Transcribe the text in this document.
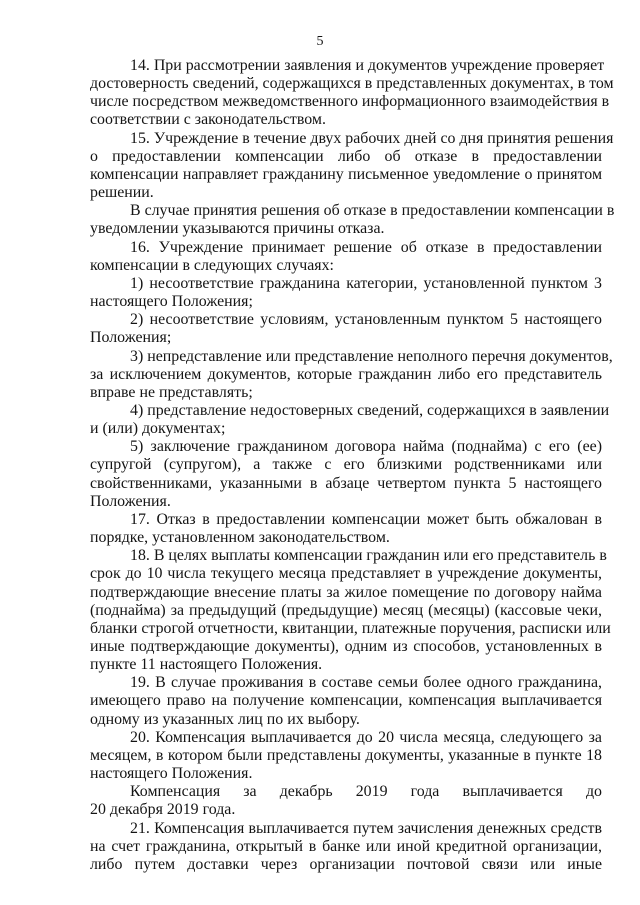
5
14. При рассмотрении заявления и документов учреждение проверяет
достоверность сведений, содержащихся в представленных документах, в том
числе посредством межведомственного информационного взаимодействия в
соответствии с законодательством.
15. Учреждение в течение двух рабочих дней со дня принятия решения
о предоставлении компенсации либо об отказе в предоставлении
компенсации направляет гражданину письменное уведомление о принятом
решении.
В случае принятия решения об отказе в предоставлении компенсации в
уведомлении указываются причины отказа.
16. Учреждение принимает решение об отказе в предоставлении
компенсации в следующих случаях:
1) несоответствие гражданина категории, установленной пунктом 3
настоящего Положения;
2) несоответствие условиям, установленным пунктом 5 настоящего
Положения;
3) непредставление или представление неполного перечня документов,
за исключением документов, которые гражданин либо его представитель
вправе не представлять;
4) представление недостоверных сведений, содержащихся в заявлении
и (или) документах;
5) заключение гражданином договора найма (поднайма) с его (ее)
супругой (супругом), а также с его близкими родственниками или
свойственниками, указанными в абзаце четвертом пункта 5 настоящего
Положения.
17. Отказ в предоставлении компенсации может быть обжалован в
порядке, установленном законодательством.
18. В целях выплаты компенсации гражданин или его представитель в
срок до 10 числа текущего месяца представляет в учреждение документы,
подтверждающие внесение платы за жилое помещение по договору найма
(поднайма) за предыдущий (предыдущие) месяц (месяцы) (кассовые чеки,
бланки строгой отчетности, квитанции, платежные поручения, расписки или
иные подтверждающие документы), одним из способов, установленных в
пункте 11 настоящего Положения.
19. В случае проживания в составе семьи более одного гражданина,
имеющего право на получение компенсации, компенсация выплачивается
одному из указанных лиц по их выбору.
20. Компенсация выплачивается до 20 числа месяца, следующего за
месяцем, в котором были представлены документы, указанные в пункте 18
настоящего Положения.
Компенсация за декабрь 2019 года выплачивается до
20 декабря 2019 года.
21. Компенсация выплачивается путем зачисления денежных средств
на счет гражданина, открытый в банке или иной кредитной организации,
либо путем доставки через организации почтовой связи или иные
